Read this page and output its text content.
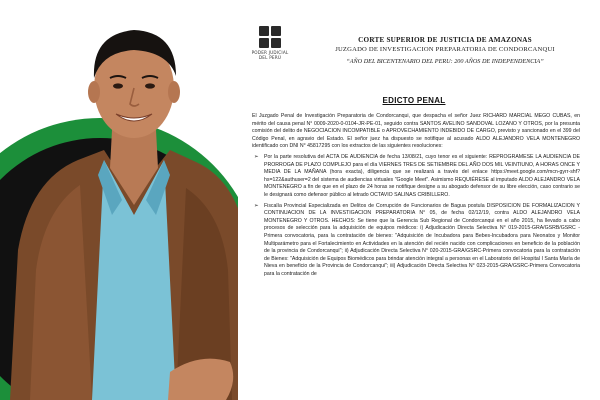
PODER JUDICIAL DEL PERÚ
CORTE SUPERIOR DE JUSTICIA DE AMAZONAS
JUZGADO DE INVESTIGACION PREPARATORIA DE CONDORCANQUI
“AÑO DEL BICENTENARIO DEL PERU: 200 AÑOS DE INDEPENDENCIA”
EDICTO PENAL

El Juzgado Penal de Investigación Preparatoria de Condorcanqui, que despacha el señor Juez RICHARD MARCIAL MEGO CUBAS, en mérito del causa penal N° 0009-2020-0-0104-JR-PE-01, seguido contra SANTOS AVELINO SANDOVAL LOZANO Y OTROS, por la presunta comisión del delito de NEGOCIACION INCOMPATIBLE o APROVECHAMIENTO INDEBIDO DE CARGO, previsto y sancionado en el 399 del Código Penal, en agravio del Estado. El señor juez ha dispuesto se notifique al acusado ALDO ALEJANDRO VELA MONTENEGRO identificado con DNI N° 45817295 con los extractos de las siguientes resoluciones:

➢ Por la parte resolutiva del ACTA DE AUDIENCIA de fecha 13/08/21, cuyo tenor es el siguiente: REPROGRAMESE LA AUDIENCIA DE PRORROGA DE PLAZO COMPLEJO para el día VIERNES TRES DE SETIEMBRE DEL AÑO DOS MIL VEINTIUNO, A HORAS ONCE Y MEDIA DE LA MAÑANA (hora exacta), diligencia que se realizará a través del enlace https://meet.google.com/mcn-gyrr-shf?hs=122&authuser=2 del sistema de audiencias virtuales "Google Meet". Asimismo REQUIÉRESE al imputado ALDO ALEJANDRO VELA MONTENEGRO a fin de que en el plazo de 24 horas se notifique designe a su abogado defensor de su libre elección, caso contrario se le designará como defensor público al letrado OCTAVIO SALINAS CRIBILLERO.

➢ Fiscalía Provincial Especializada en Delitos de Corrupción de Funcionarios de Bagua postula DISPOSICION DE FORMALIZACION Y CONTINUACION DE LA INVESTIGACION PREPARATORIA N° 05, de fecha 02/12/19, contra ALDO ALEJANDRO VELA MONTENEGRO Y OTROS. HECHOS: Se tiene que la Gerencia Sub Regional de Condorcanqui en el año 2015, ha llevado a cabo procesos de selección para la adquisición de equipos médicos: i) Adjudicación Directa Selectiva N° 019-2015-GRA/GSRB/GSRC - Primera convocatoria, para la contratación de bienes: "Adquisición de Incubadora para Bebes-Incubadora para Neonatos y Monitor Multiparámetro para el Fortalecimiento en Actividades en la atención del recién nacido con complicaciones en beneficio de la población de la provincia de Condorcanqui"; ii) Adjudicación Directa Selectiva N° 020-2015-GRA/GSRC-Primera convocatoria para la contratación de Bienes: "Adquisición de Equipos Biomédicos para brindar atención integral a personas en el Laboratorio del Hospital I Santa María de Nieva en beneficio de la Provincia de Condorcanqui"; iii) Adjudicación Directa Selectiva N° 023-2015-GRA/GSRC-Primera Convocatoria para la contratación de
